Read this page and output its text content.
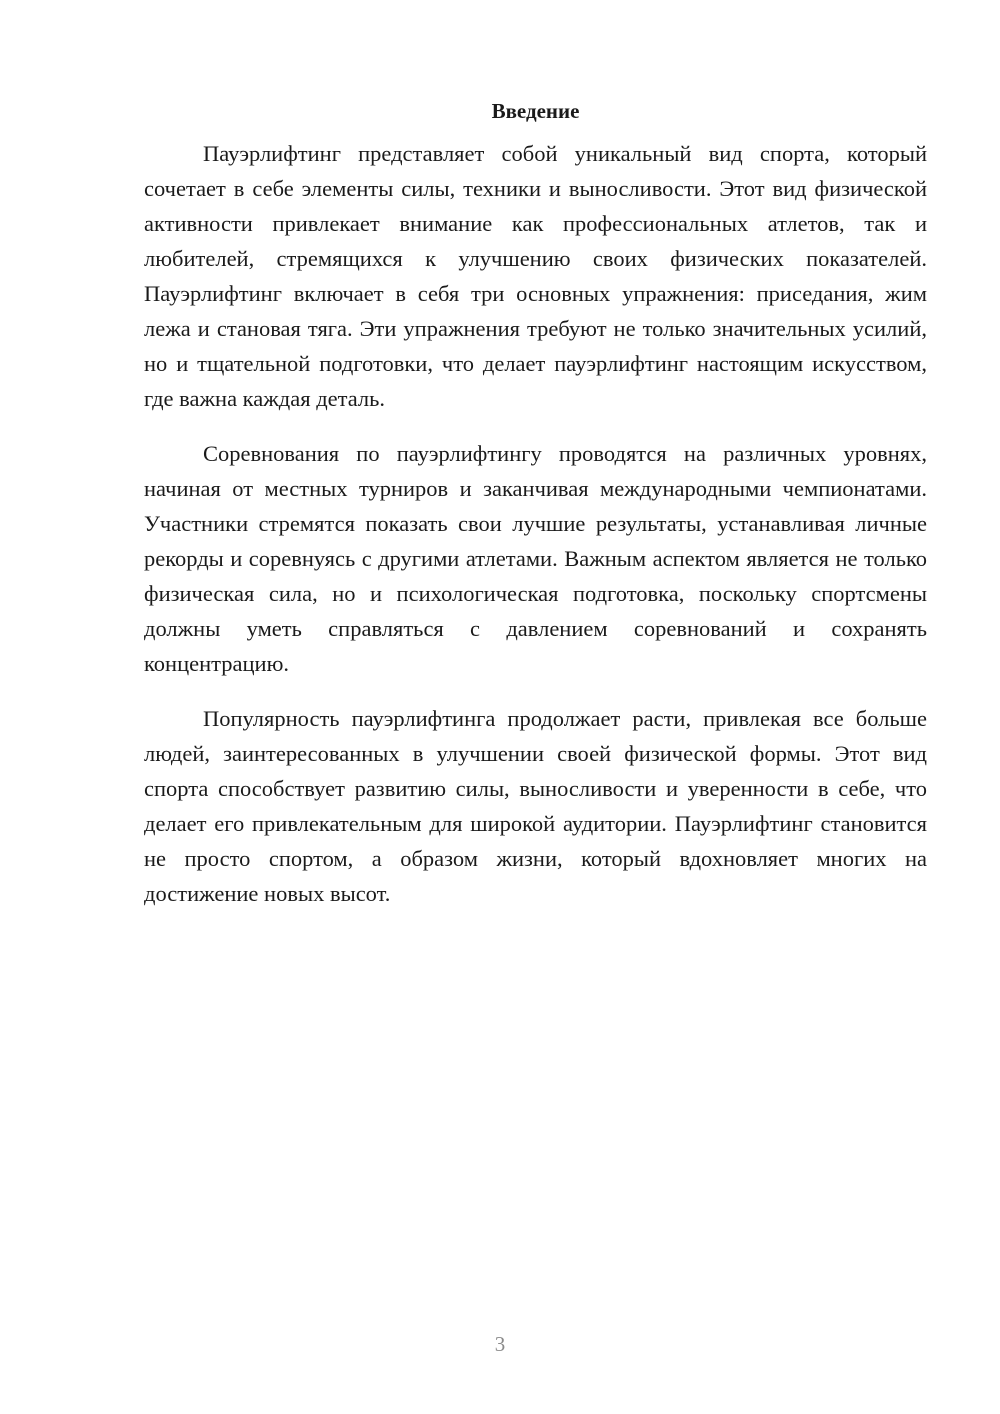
Введение

Пауэрлифтинг представляет собой уникальный вид спорта, который сочетает в себе элементы силы, техники и выносливости. Этот вид физической активности привлекает внимание как профессиональных атлетов, так и любителей, стремящихся к улучшению своих физических показателей. Пауэрлифтинг включает в себя три основных упражнения: приседания, жим лежа и становая тяга. Эти упражнения требуют не только значительных усилий, но и тщательной подготовки, что делает пауэрлифтинг настоящим искусством, где важна каждая деталь.

Соревнования по пауэрлифтингу проводятся на различных уровнях, начиная от местных турниров и заканчивая международными чемпионатами. Участники стремятся показать свои лучшие результаты, устанавливая личные рекорды и соревнуясь с другими атлетами. Важным аспектом является не только физическая сила, но и психологическая подготовка, поскольку спортсмены должны уметь справляться с давлением соревнований и сохранять концентрацию.

Популярность пауэрлифтинга продолжает расти, привлекая все больше людей, заинтересованных в улучшении своей физической формы. Этот вид спорта способствует развитию силы, выносливости и уверенности в себе, что делает его привлекательным для широкой аудитории. Пауэрлифтинг становится не просто спортом, а образом жизни, который вдохновляет многих на достижение новых высот.

3
